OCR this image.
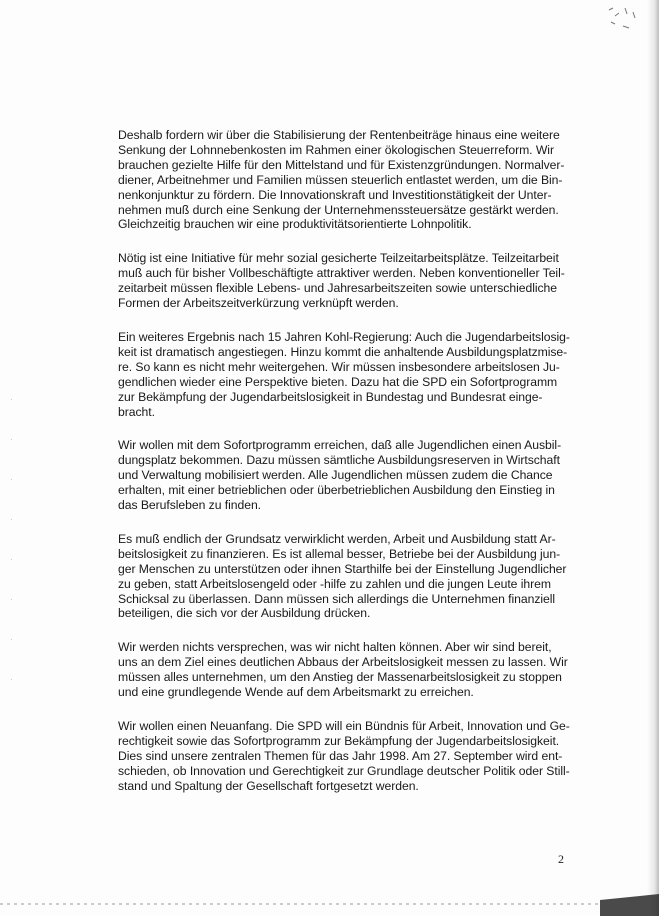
·
·
·
·
·
·
·
·

Deshalb fordern wir über die Stabilisierung der Rentenbeiträge hinaus eine weitere
Senkung der Lohnnebenkosten im Rahmen einer ökologischen Steuerreform. Wir
brauchen gezielte Hilfe für den Mittelstand und für Existenzgründungen. Normalver-
diener, Arbeitnehmer und Familien müssen steuerlich entlastet werden, um die Bin-
nenkonjunktur zu fördern. Die Innovationskraft und Investitionstätigkeit der Unter-
nehmen muß durch eine Senkung der Unternehmenssteuersätze gestärkt werden.
Gleichzeitig brauchen wir eine produktivitätsorientierte Lohnpolitik.

Nötig ist eine Initiative für mehr sozial gesicherte Teilzeitarbeitsplätze. Teilzeitarbeit
muß auch für bisher Vollbeschäftigte attraktiver werden. Neben konventioneller Teil-
zeitarbeit müssen flexible Lebens- und Jahresarbeitszeiten sowie unterschiedliche
Formen der Arbeitszeitverkürzung verknüpft werden.

Ein weiteres Ergebnis nach 15 Jahren Kohl-Regierung: Auch die Jugendarbeitslosig-
keit ist dramatisch angestiegen. Hinzu kommt die anhaltende Ausbildungsplatzmise-
re. So kann es nicht mehr weitergehen. Wir müssen insbesondere arbeitslosen Ju-
gendlichen wieder eine Perspektive bieten. Dazu hat die SPD ein Sofortprogramm
zur Bekämpfung der Jugendarbeitslosigkeit in Bundestag und Bundesrat einge-
bracht.

Wir wollen mit dem Sofortprogramm erreichen, daß alle Jugendlichen einen Ausbil-
dungsplatz bekommen. Dazu müssen sämtliche Ausbildungsreserven in Wirtschaft
und Verwaltung mobilisiert werden. Alle Jugendlichen müssen zudem die Chance
erhalten, mit einer betrieblichen oder überbetrieblichen Ausbildung den Einstieg in
das Berufsleben zu finden.

Es muß endlich der Grundsatz verwirklicht werden, Arbeit und Ausbildung statt Ar-
beitslosigkeit zu finanzieren. Es ist allemal besser, Betriebe bei der Ausbildung jun-
ger Menschen zu unterstützen oder ihnen Starthilfe bei der Einstellung Jugendlicher
zu geben, statt Arbeitslosengeld oder -hilfe zu zahlen und die jungen Leute ihrem
Schicksal zu überlassen. Dann müssen sich allerdings die Unternehmen finanziell
beteiligen, die sich vor der Ausbildung drücken.

Wir werden nichts versprechen, was wir nicht halten können. Aber wir sind bereit,
uns an dem Ziel eines deutlichen Abbaus der Arbeitslosigkeit messen zu lassen. Wir
müssen alles unternehmen, um den Anstieg der Massenarbeitslosigkeit zu stoppen
und eine grundlegende Wende auf dem Arbeitsmarkt zu erreichen.

Wir wollen einen Neuanfang. Die SPD will ein Bündnis für Arbeit, Innovation und Ge-
rechtigkeit sowie das Sofortprogramm zur Bekämpfung der Jugendarbeitslosigkeit.
Dies sind unsere zentralen Themen für das Jahr 1998. Am 27. September wird ent-
schieden, ob Innovation und Gerechtigkeit zur Grundlage deutscher Politik oder Still-
stand und Spaltung der Gesellschaft fortgesetzt werden.

2
